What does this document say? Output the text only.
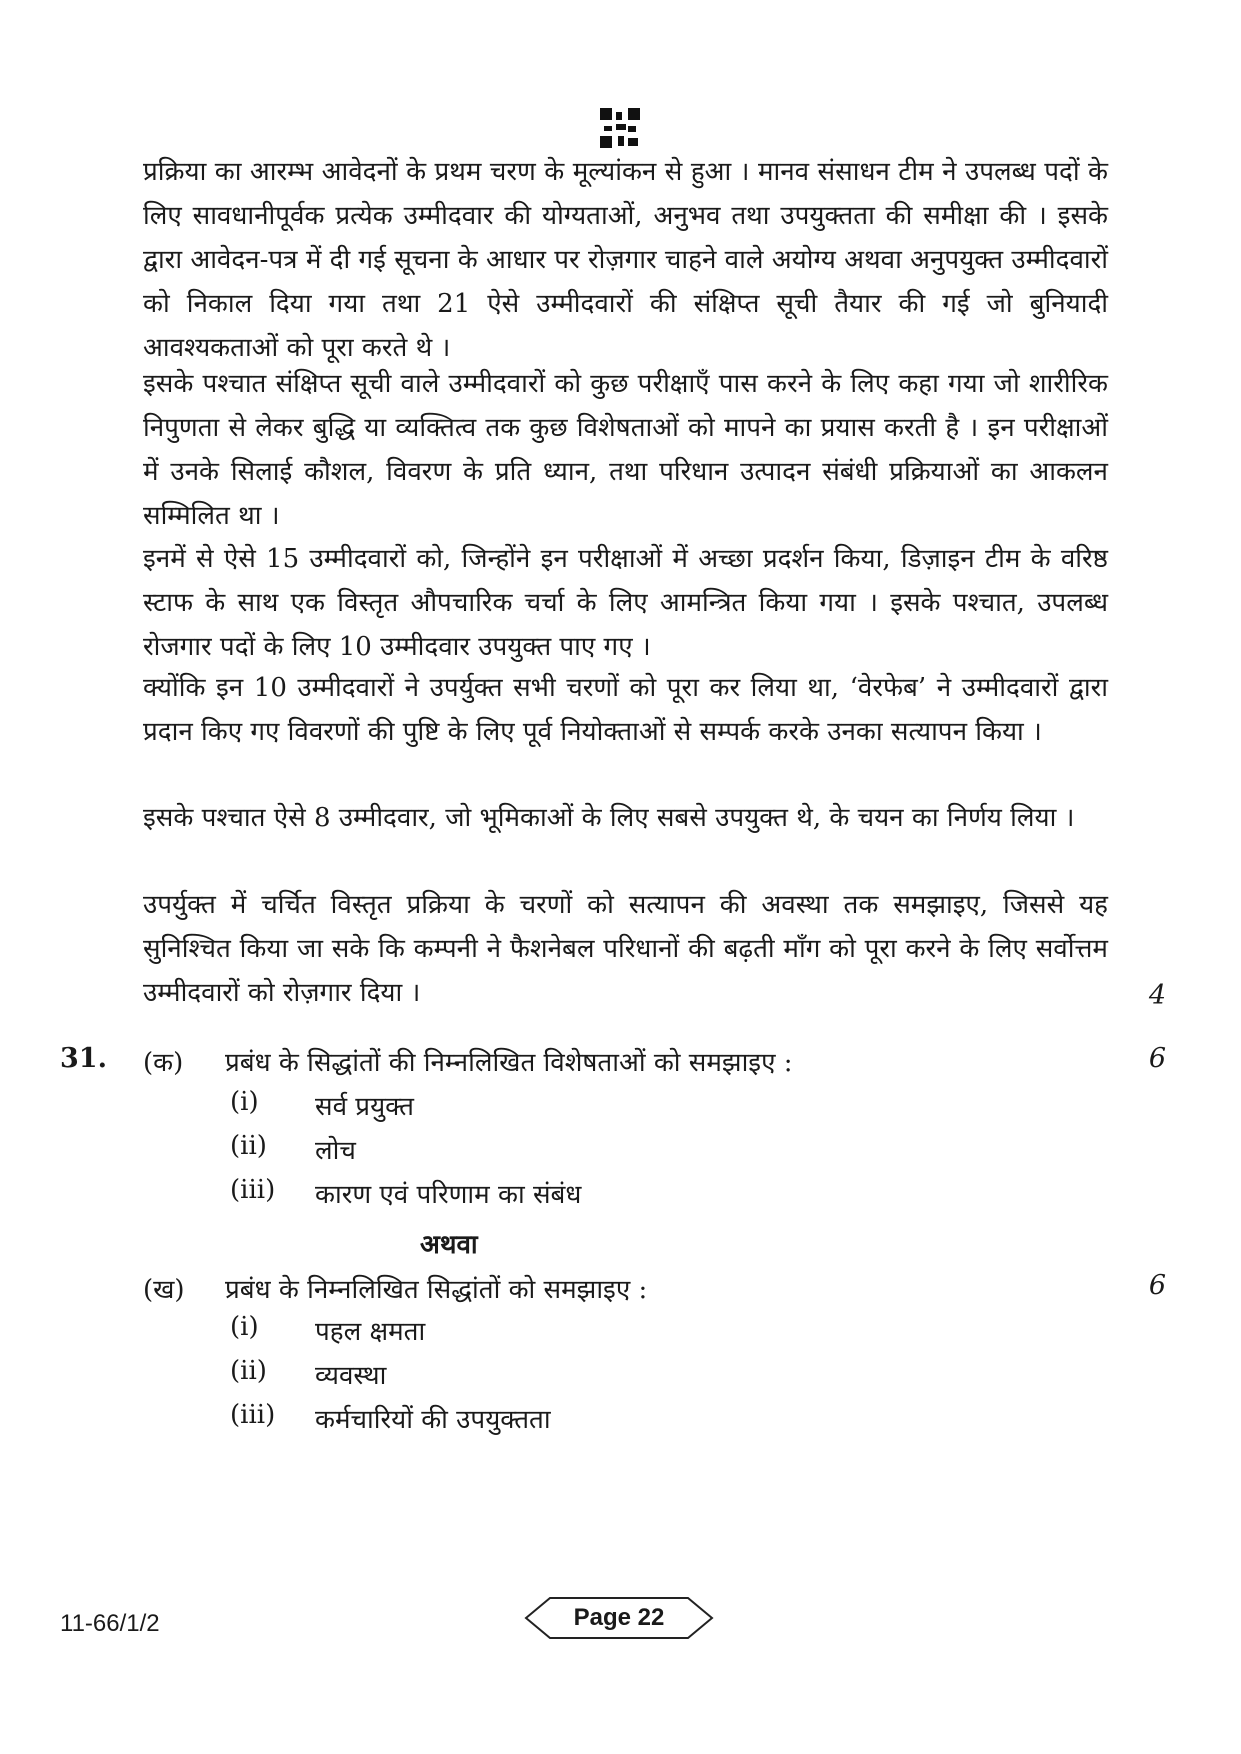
प्रक्रिया का आरम्भ आवेदनों के प्रथम चरण के मूल्यांकन से हुआ । मानव संसाधन टीम ने उपलब्ध पदों के लिए सावधानीपूर्वक प्रत्येक उम्मीदवार की योग्यताओं, अनुभव तथा उपयुक्तता की समीक्षा की । इसके द्वारा आवेदन-पत्र में दी गई सूचना के आधार पर रोज़गार चाहने वाले अयोग्य अथवा अनुपयुक्त उम्मीदवारों को निकाल दिया गया तथा 21 ऐसे उम्मीदवारों की संक्षिप्त सूची तैयार की गई जो बुनियादी आवश्यकताओं को पूरा करते थे ।

इसके पश्चात संक्षिप्त सूची वाले उम्मीदवारों को कुछ परीक्षाएँ पास करने के लिए कहा गया जो शारीरिक निपुणता से लेकर बुद्धि या व्यक्तित्व तक कुछ विशेषताओं को मापने का प्रयास करती है । इन परीक्षाओं में उनके सिलाई कौशल, विवरण के प्रति ध्यान, तथा परिधान उत्पादन संबंधी प्रक्रियाओं का आकलन सम्मिलित था ।

इनमें से ऐसे 15 उम्मीदवारों को, जिन्होंने इन परीक्षाओं में अच्छा प्रदर्शन किया, डिज़ाइन टीम के वरिष्ठ स्टाफ के साथ एक विस्तृत औपचारिक चर्चा के लिए आमन्त्रित किया गया । इसके पश्चात, उपलब्ध रोजगार पदों के लिए 10 उम्मीदवार उपयुक्त पाए गए ।

क्योंकि इन 10 उम्मीदवारों ने उपर्युक्त सभी चरणों को पूरा कर लिया था, ‘वेरफेब’ ने उम्मीदवारों द्वारा प्रदान किए गए विवरणों की पुष्टि के लिए पूर्व नियोक्ताओं से सम्पर्क करके उनका सत्यापन किया ।

इसके पश्चात ऐसे 8 उम्मीदवार, जो भूमिकाओं के लिए सबसे उपयुक्त थे, के चयन का निर्णय लिया ।

उपर्युक्त में चर्चित विस्तृत प्रक्रिया के चरणों को सत्यापन की अवस्था तक समझाइए, जिससे यह सुनिश्चित किया जा सके कि कम्पनी ने फैशनेबल परिधानों की बढ़ती माँग को पूरा करने के लिए सर्वोत्तम उम्मीदवारों को रोज़गार दिया ।	4
31. (क) प्रबंध के सिद्धांतों की निम्नलिखित विशेषताओं को समझाइए :	6
(i) सर्व प्रयुक्त
(ii) लोच
(iii) कारण एवं परिणाम का संबंध
अथवा
(ख) प्रबंध के निम्नलिखित सिद्धांतों को समझाइए :	6
(i) पहल क्षमता
(ii) व्यवस्था
(iii) कर्मचारियों की उपयुक्तता
11-66/1/2	Page 22
